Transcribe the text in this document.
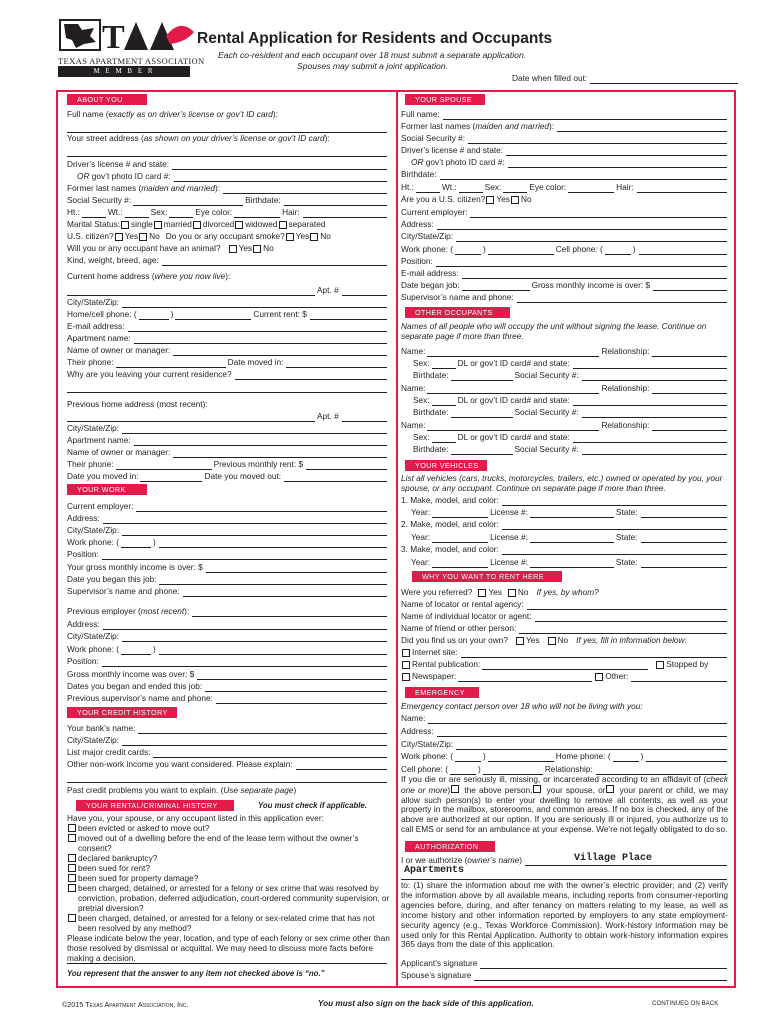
T
TEXAS APARTMENT ASSOCIATION
M E M B E R
Rental Application for Residents and Occupants
Each co-resident and each occupant over 18 must submit a separate application.
Spouses may submit a joint application.
Date when filled out:
ABOUT YOU
Full name (exactly as on driver’s license or gov’t ID card):
Your street address (as shown on your driver’s license or gov’t ID card):
Driver’s license # and state:
OR gov’t photo ID card #:
Former last names (maiden and married):
Social Security #:	Birthdate:
Ht.:	Wt.:	Sex:	Eye color:	Hair:
Marital Status: single married divorced widowed separated
U.S. citizen? Yes No Do you or any occupant smoke? Yes No
Will you or any occupant have an animal? Yes No
Kind, weight, breed, age:
Current home address (where you now live):
Apt. #
City/State/Zip:
Home/cell phone: (	)	Current rent: $
E-mail address:
Apartment name:
Name of owner or manager:
Their phone:	Date moved in:
Why are you leaving your current residence?
Previous home address (most recent):
Apt. #
City/State/Zip:
Apartment name:
Name of owner or manager:
Their phone:	Previous monthly rent: $
Date you moved in:	Date you moved out:
YOUR WORK
Current employer:
Address:
City/State/Zip:
Work phone: (	)
Position:
Your gross monthly income is over: $
Date you began this job:
Supervisor’s name and phone:
Previous employer (most recent):
Address:
City/State/Zip:
Work phone: (	)
Position:
Gross monthly income was over: $
Dates you began and ended this job:
Previous supervisor’s name and phone:
YOUR CREDIT HISTORY
Your bank’s name:
City/State/Zip:
List major credit cards:
Other non-work income you want considered. Please explain:
Past credit problems you want to explain. (Use separate page)
YOUR RENTAL/CRIMINAL HISTORY	You must check if applicable.
Have you, your spouse, or any occupant listed in this application ever:
been evicted or asked to move out?
moved out of a dwelling before the end of the lease term without the owner’s consent?
declared bankruptcy?
been sued for rent?
been sued for property damage?
been charged, detained, or arrested for a felony or sex crime that was resolved by conviction, probation, deferred adjudication, court-ordered community supervision, or pretrial diversion?
been charged, detained, or arrested for a felony or sex-related crime that has not been resolved by any method?
Please indicate below the year, location, and type of each felony or sex crime other than those resolved by dismissal or acquittal. We may need to discuss more facts before making a decision.
You represent that the answer to any item not checked above is “no.”
YOUR SPOUSE
Full name:
Former last names (maiden and married):
Social Security #:
Driver’s license # and state:
OR gov’t photo ID card #:
Birthdate:
Ht.:	Wt.:	Sex:	Eye color:	Hair:
Are you a U.S. citizen? Yes No
Current employer:
Address:
City/State/Zip:
Work phone: (	)	Cell phone: (	)
Position:
E-mail address:
Date began job:	Gross monthly income is over: $
Supervisor’s name and phone:
OTHER OCCUPANTS
Names of all people who will occupy the unit without signing the lease. Continue on separate page if more than three.
Name:	Relationship:
Sex:	DL or gov’t ID card# and state:
Birthdate:	Social Security #:
Name:	Relationship:
Sex:	DL or gov’t ID card# and state:
Birthdate:	Social Security #:
Name:	Relationship:
Sex:	DL or gov’t ID card# and state:
Birthdate:	Social Security #:
YOUR VEHICLES
List all vehicles (cars, trucks, motorcycles, trailers, etc.) owned or operated by you, your spouse, or any occupant. Continue on separate page if more than three.
1. Make, model, and color:
Year:	License #:	State:
2. Make, model, and color:
Year:	License #:	State:
3. Make, model, and color:
Year:	License #:	State:
WHY YOU WANT TO RENT HERE
Were you referred? Yes No If yes, by whom?
Name of locator or rental agency:
Name of individual locator or agent:
Name of friend or other person:
Did you find us on your own? Yes No If yes, fill in information below:
Internet site:
Rental publication:	Stopped by
Newspaper:	Other:
EMERGENCY
Emergency contact person over 18 who will not be living with you:
Name:
Address:
City/State/Zip:
Work phone: (	)	Home phone: (	)
Cell phone: (	)	Relationship:
If you die or are seriously ill, missing, or incarcerated according to an affidavit of (check one or more) the above person, your spouse, or your parent or child, we may allow such person(s) to enter your dwelling to remove all contents, as well as your property in the mailbox, storerooms, and common areas. If no box is checked, any of the above are authorized at our option. If you are seriously ill or injured, you authorize us to call EMS or send for an ambulance at your expense. We’re not legally obligated to do so.
AUTHORIZATION
I or we authorize (owner’s name)	Village Place Apartments
to: (1) share the information about me with the owner’s electric provider; and (2) verify the information above by all available means, including reports from consumer-reporting agencies before, during, and after tenancy on matters relating to my lease, as well as income history and other information reported by employers to any state employment-security agency (e.g., Texas Workforce Commission). Work-history information may be used only for this Rental Application. Authority to obtain work-history information expires 365 days from the date of this application.
Applicant’s signature
Spouse’s signature
©2015 Texas Apartment Association, Inc.	You must also sign on the back side of this application.	CONTINUED ON BACK
